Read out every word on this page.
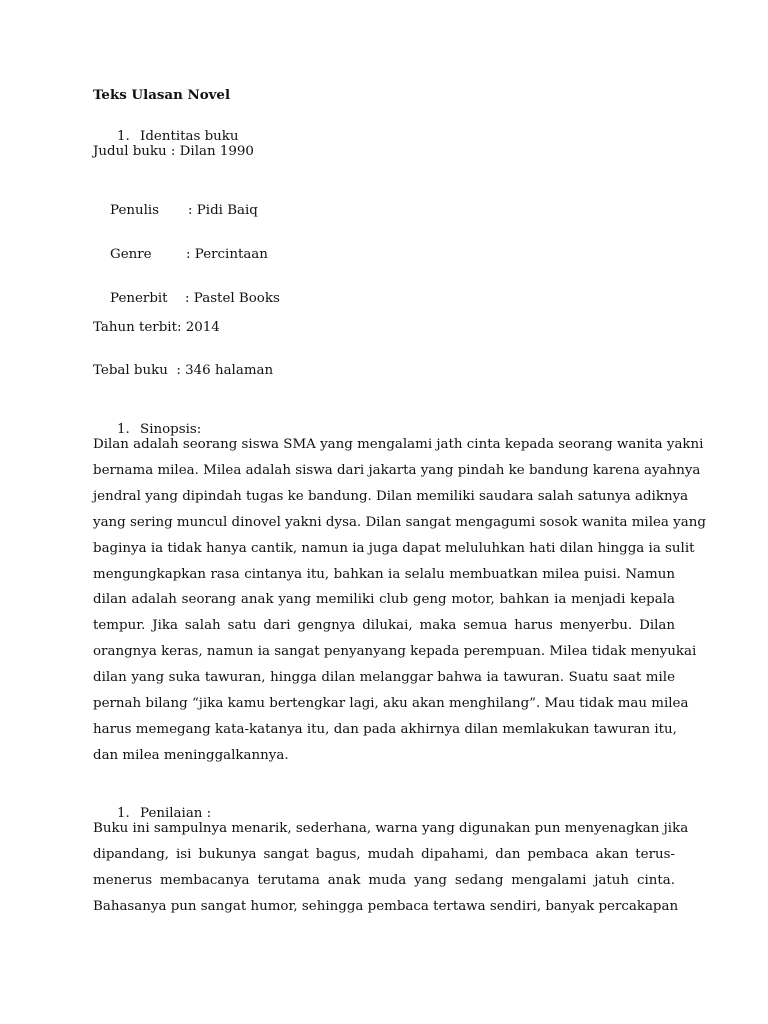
Teks Ulasan Novel

1. Identitas buku

Judul buku : Dilan 1990

Penulis : Pidi Baiq

Genre	: Percintaan

Penerbit : Pastel Books

Tahun terbit: 2014
Tebal buku  : 346 halaman

1. Sinopsis:

Dilan adalah seorang siswa SMA yang mengalami jath cinta kepada seorang wanita yakni
bernama milea. Milea adalah siswa dari jakarta yang pindah ke bandung karena ayahnya
jendral yang dipindah tugas ke bandung. Dilan memiliki saudara salah satunya adiknya
yang sering muncul dinovel yakni dysa. Dilan sangat mengagumi sosok wanita milea yang
baginya ia tidak hanya cantik, namun ia juga dapat meluluhkan hati dilan hingga ia sulit
mengungkapkan rasa cintanya itu, bahkan ia selalu membuatkan milea puisi. Namun
dilan adalah seorang anak yang memiliki club geng motor, bahkan ia menjadi kepala
tempur. Jika salah satu dari gengnya dilukai, maka semua harus menyerbu. Dilan
orangnya keras, namun ia sangat penyanyang kepada perempuan. Milea tidak menyukai
dilan yang suka tawuran, hingga dilan melanggar bahwa ia tawuran. Suatu saat mile
pernah bilang “jika kamu bertengkar lagi, aku akan menghilang”. Mau tidak mau milea
harus memegang kata-katanya itu, dan pada akhirnya dilan memlakukan tawuran itu,
dan milea meninggalkannya.

1. Penilaian :

Buku ini sampulnya menarik, sederhana, warna yang digunakan pun menyenagkan jika
dipandang, isi bukunya sangat bagus, mudah dipahami, dan pembaca akan terus-
menerus membacanya terutama anak muda yang sedang mengalami jatuh cinta.
Bahasanya pun sangat humor, sehingga pembaca tertawa sendiri, banyak percakapan
